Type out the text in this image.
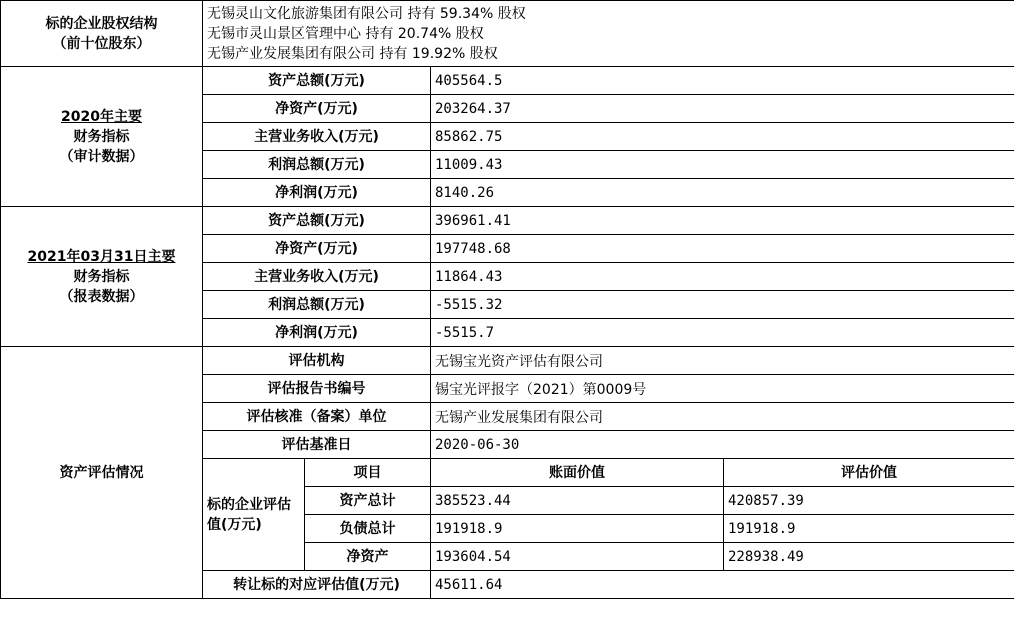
标的企业股权结构
（前十位股东）	无锡灵山文化旅游集团有限公司 持有 59.34% 股权
无锡市灵山景区管理中心 持有 20.74% 股权
无锡产业发展集团有限公司 持有 19.92% 股权			

2020年主要
财务指标
（审计数据）	资产总额(万元)		405564.5	
	净资产(万元)		203264.37	
	主营业务收入(万元)		85862.75	
	利润总额(万元)		11009.43	
	净利润(万元)		8140.26	

2021年03月31日主要
财务指标
（报表数据）	资产总额(万元)		396961.41	
	净资产(万元)		197748.68	
	主营业务收入(万元)		11864.43	
	利润总额(万元)		-5515.32	
	净利润(万元)		-5515.7	
资产评估情况	评估机构		无锡宝光资产评估有限公司	
	评估报告书编号		锡宝光评报字（2021）第0009号	
	评估核准（备案）单位		无锡产业发展集团有限公司	
	评估基准日		2020-06-30	
	标的企业评估值(万元)	项目	账面价值	评估价值
		资产总计	385523.44	420857.39
		负债总计	191918.9	191918.9
		净资产	193604.54	228938.49
	转让标的对应评估值(万元)		45611.64	
